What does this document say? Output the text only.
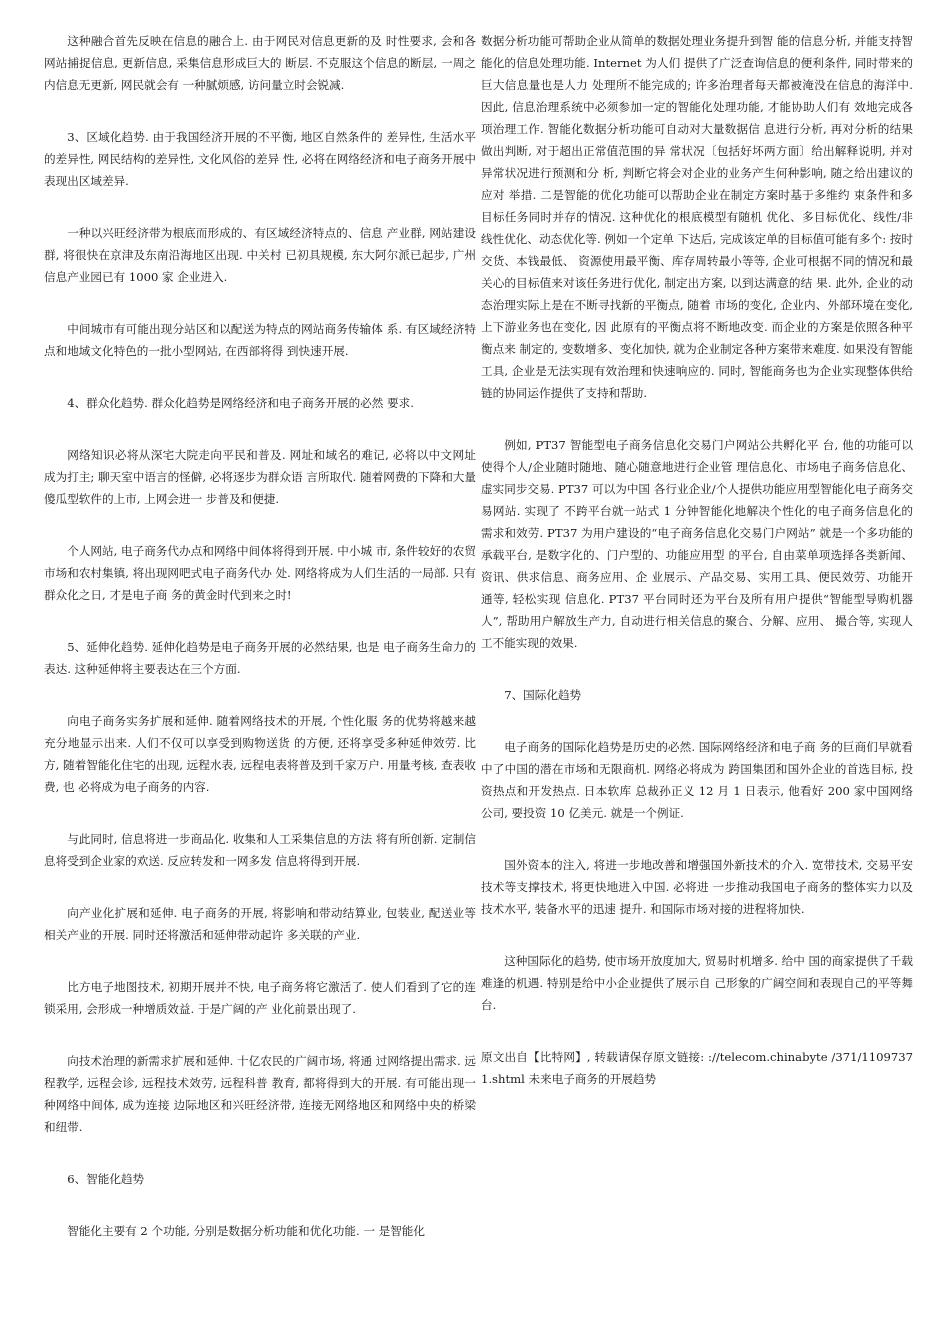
这种融合首先反映在信息的融合上. 由于网民对信息更新的及 时性要求, 会和各网站捕捉信息, 更新信息, 采集信息形成巨大的 断层. 不克服这个信息的断层, 一周之内信息无更新, 网民就会有 一种腻烦感, 访问量立时会锐减.

3、区域化趋势. 由于我国经济开展的不平衡, 地区自然条件的 差异性, 生活水平的差异性, 网民结构的差异性, 文化风俗的差异 性, 必将在网络经济和电子商务开展中表现出区域差异.

一种以兴旺经济带为根底而形成的、有区域经济特点的、信息 产业群, 网站建设群, 将很快在京津及东南沿海地区出现. 中关村 已初具规模, 东大阿尔派已起步, 广州信息产业园已有 1000 家 企业进入.

中间城市有可能出现分站区和以配送为特点的网站商务传输体 系. 有区域经济特点和地域文化特色的一批小型网站, 在西部将得 到快速开展.

4、群众化趋势. 群众化趋势是网络经济和电子商务开展的必然 要求.

网络知识必将从深宅大院走向平民和普及. 网址和域名的难记, 必将以中文网址成为打主; 聊天室中语言的怪僻, 必将逐步为群众语 言所取代. 随着网费的下降和大量傻瓜型软件的上市, 上网会进一 步普及和便捷.

个人网站, 电子商务代办点和网络中间体将得到开展. 中小城 市, 条件较好的农贸市场和农村集镇, 将出现网吧式电子商务代办 处. 网络将成为人们生活的一局部. 只有群众化之日, 才是电子商 务的黄金时代到来之时!

5、延伸化趋势. 延伸化趋势是电子商务开展的必然结果, 也是 电子商务生命力的表达. 这种延伸将主要表达在三个方面.

向电子商务实务扩展和延伸. 随着网络技术的开展, 个性化服 务的优势将越来越充分地显示出来. 人们不仅可以享受到购物送货 的方便, 还将享受多种延伸效劳. 比方, 随着智能化住宅的出现, 远程水表, 远程电表将普及到千家万户. 用量考核, 查表收费, 也 必将成为电子商务的内容.

与此同时, 信息将进一步商品化. 收集和人工采集信息的方法 将有所创新. 定制信息将受到企业家的欢送. 反应转发和一网多发 信息将得到开展.

向产业化扩展和延伸. 电子商务的开展, 将影响和带动结算业, 包装业, 配送业等相关产业的开展. 同时还将激活和延伸带动起许 多关联的产业.

比方电子地图技术, 初期开展并不快, 电子商务将它激活了. 使人们看到了它的连锁采用, 会形成一种增质效益. 于是广阔的产 业化前景出现了.

向技术治理的新需求扩展和延伸. 十亿农民的广阔市场, 将通 过网络提出需求. 远程教学, 远程会诊, 远程技术效劳, 远程科普 教育, 都将得到大的开展. 有可能出现一种网络中间体, 成为连接 边际地区和兴旺经济带, 连接无网络地区和网络中央的桥梁和纽带.

6、智能化趋势

智能化主要有 2 个功能, 分别是数据分析功能和优化功能. 一 是智能化

数据分析功能可帮助企业从简单的数据处理业务提升到智 能的信息分析, 并能支持智能化的信息处理功能. Internet 为人们 提供了广泛查询信息的便利条件, 同时带来的巨大信息量也是人力 处理所不能完成的; 许多治理者每天都被淹没在信息的海洋中. 因此, 信息治理系统中必须参加一定的智能化处理功能, 才能协助人们有 效地完成各项治理工作. 智能化数据分析功能可自动对大量数据信 息进行分析, 再对分析的结果做出判断, 对于超出正常值范围的异 常状况〔包括好坏两方面〕给出解释说明, 并对异常状况进行预测和分 析, 判断它将会对企业的业务产生何种影响, 随之给出建议的应对 举措. 二是智能的优化功能可以帮助企业在制定方案时基于多维约 束条件和多目标任务同时并存的情况. 这种优化的根底模型有随机 优化、多目标优化、线性/非线性优化、动态优化等. 例如一个定单 下达后, 完成该定单的目标值可能有多个: 按时交货、本钱最低、 资源使用最平衡、库存周转最小等等, 企业可根据不同的情况和最 关心的目标值来对该任务进行优化, 制定出方案, 以到达满意的结 果. 此外, 企业的动态治理实际上是在不断寻找新的平衡点, 随着 市场的变化, 企业内、外部环境在变化, 上下游业务也在变化, 因 此原有的平衡点将不断地改变. 而企业的方案是依照各种平衡点来 制定的, 变数增多、变化加快, 就为企业制定各种方案带来难度. 如果没有智能工具, 企业是无法实现有效治理和快速响应的. 同时, 智能商务也为企业实现整体供给链的协同运作提供了支持和帮助.

例如, PT37 智能型电子商务信息化交易门户网站公共孵化平 台, 他的功能可以使得个人/企业随时随地、随心随意地进行企业管 理信息化、市场电子商务信息化、虚实同步交易. PT37 可以为中国 各行业企业/个人提供功能应用型智能化电子商务交易网站. 实现了 不跨平台就一站式 1 分钟智能化地解决个性化的电子商务信息化的 需求和效劳. PT37 为用户建设的“电子商务信息化交易门户网站” 就是一个多功能的承载平台, 是数字化的、门户型的、功能应用型 的平台, 自由菜单项选择各类新闻、资讯、供求信息、商务应用、企 业展示、产品交易、实用工具、便民效劳、功能开通等, 轻松实现 信息化. PT37 平台同时还为平台及所有用户提供“智能型导购机器 人”, 帮助用户解放生产力, 自动进行相关信息的聚合、分解、应用、 撮合等, 实现人工不能实现的效果.

7、国际化趋势

电子商务的国际化趋势是历史的必然. 国际网络经济和电子商 务的巨商们早就看中了中国的潜在市场和无限商机. 网络必将成为 跨国集团和国外企业的首选目标, 投资热点和开发热点. 日本软库 总裁孙正义 12 月 1 日表示, 他看好 200 家中国网络公司, 要投资 10 亿美元. 就是一个例证.

国外资本的注入, 将进一步地改善和增强国外新技术的介入. 宽带技术, 交易平安技术等支撑技术, 将更快地进入中国. 必将进 一步推动我国电子商务的整体实力以及技术水平, 装备水平的迅速 提升. 和国际市场对接的进程将加快.

这种国际化的趋势, 使市场开放度加大, 贸易时机增多. 给中 国的商家提供了千载难逢的机遇. 特别是给中小企业提供了展示自 己形象的广阔空间和表现自己的平等舞台.

原文出自【比特网】, 转载请保存原文链接: ://telecom.chinabyte /371/11097371.shtml 未来电子商务的开展趋势
